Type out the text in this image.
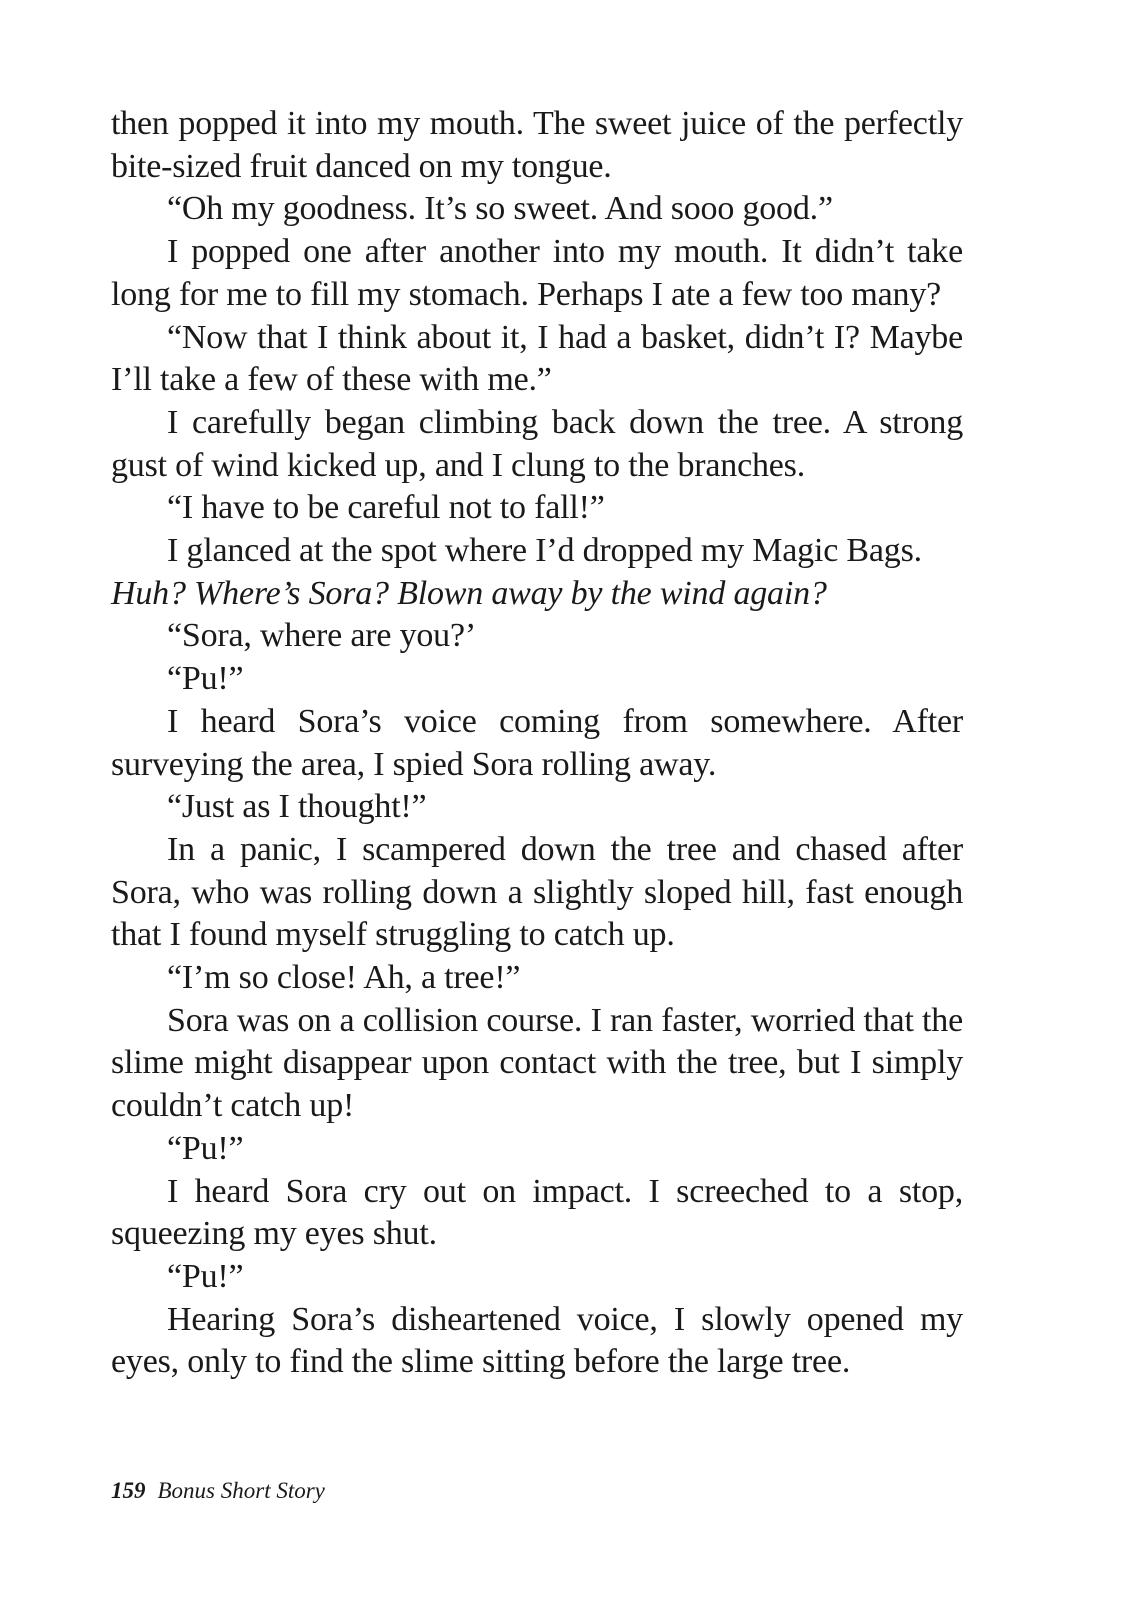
then popped it into my mouth. The sweet juice of the perfectly bite-sized fruit danced on my tongue.

“Oh my goodness. It’s so sweet. And sooo good.”

I popped one after another into my mouth. It didn’t take long for me to fill my stomach. Perhaps I ate a few too many?

“Now that I think about it, I had a basket, didn’t I? Maybe I’ll take a few of these with me.”

I carefully began climbing back down the tree. A strong gust of wind kicked up, and I clung to the branches.

“I have to be careful not to fall!”

I glanced at the spot where I’d dropped my Magic Bags.

Huh? Where’s Sora? Blown away by the wind again?

“Sora, where are you?’

“Pu!”

I heard Sora’s voice coming from somewhere. After surveying the area, I spied Sora rolling away.

“Just as I thought!”

In a panic, I scampered down the tree and chased after Sora, who was rolling down a slightly sloped hill, fast enough that I found myself struggling to catch up.

“I’m so close! Ah, a tree!”

Sora was on a collision course. I ran faster, worried that the slime might disappear upon contact with the tree, but I simply couldn’t catch up!

“Pu!”

I heard Sora cry out on impact. I screeched to a stop, squeezing my eyes shut.

“Pu!”

Hearing Sora’s disheartened voice, I slowly opened my eyes, only to find the slime sitting before the large tree.

159 Bonus Short Story
